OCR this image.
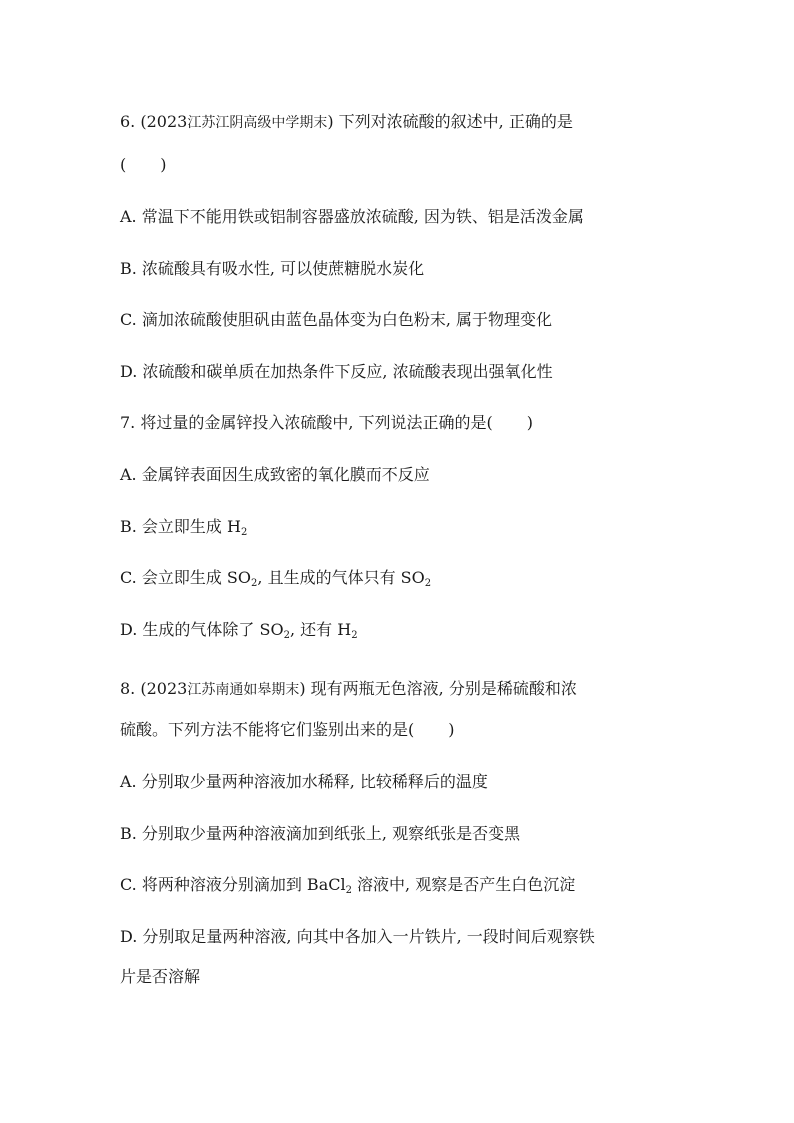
6. (2023江苏江阴高级中学期末) 下列对浓硫酸的叙述中, 正确的是
( )
A. 常温下不能用铁或铝制容器盛放浓硫酸, 因为铁、铝是活泼金属
B. 浓硫酸具有吸水性, 可以使蔗糖脱水炭化
C. 滴加浓硫酸使胆矾由蓝色晶体变为白色粉末, 属于物理变化
D. 浓硫酸和碳单质在加热条件下反应, 浓硫酸表现出强氧化性
7. 将过量的金属锌投入浓硫酸中, 下列说法正确的是( )
A. 金属锌表面因生成致密的氧化膜而不反应
B. 会立即生成 $H_2$
C. 会立即生成 $SO_2$, 且生成的气体只有 $SO_2$
D. 生成的气体除了 $SO_2$, 还有 $H_2$
8. (2023江苏南通如皋期末) 现有两瓶无色溶液, 分别是稀硫酸和浓
硫酸。下列方法不能将它们鉴别出来的是( )
A. 分别取少量两种溶液加水稀释, 比较稀释后的温度
B. 分别取少量两种溶液滴加到纸张上, 观察纸张是否变黑
C. 将两种溶液分别滴加到 BaCl$_2$ 溶液中, 观察是否产生白色沉淀
D. 分别取足量两种溶液, 向其中各加入一片铁片, 一段时间后观察铁
片是否溶解
